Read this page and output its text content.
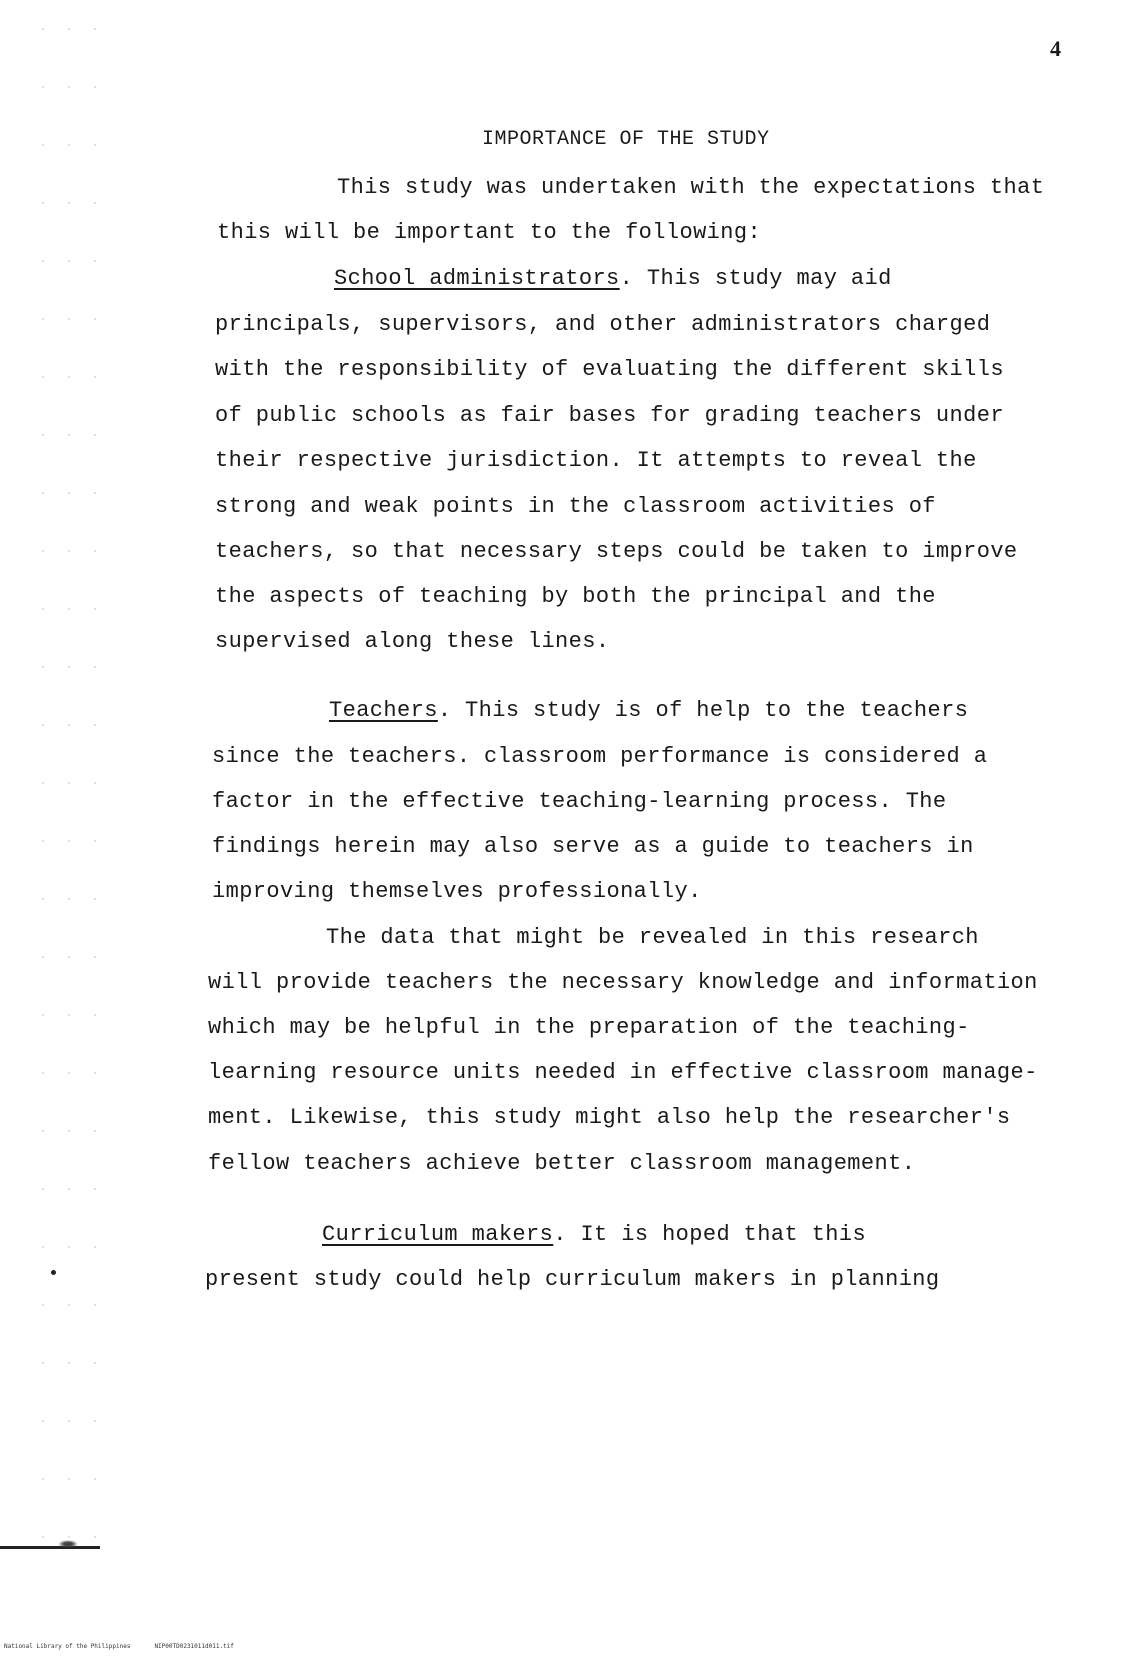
4
IMPORTANCE OF THE STUDY
This study was undertaken with the expectations that
this will be important to the following:
School administrators. This study may aid
principals, supervisors, and other administrators charged
with the responsibility of evaluating the different skills
of public schools as fair bases for grading teachers under
their respective jurisdiction. It attempts to reveal the
strong and weak points in the classroom activities of
teachers, so that necessary steps could be taken to improve
the aspects of teaching by both the principal and the
supervised along these lines.
Teachers. This study is of help to the teachers
since the teachers. classroom performance is considered a
factor in the effective teaching-learning process. The
findings herein may also serve as a guide to teachers in
improving themselves professionally.
The data that might be revealed in this research
will provide teachers the necessary knowledge and information
which may be helpful in the preparation of the teaching-
learning resource units needed in effective classroom manage-
ment. Likewise, this study might also help the researcher's
fellow teachers achieve better classroom management.
Curriculum makers. It is hoped that this
present study could help curriculum makers in planning
National Library of the Philippines	NIP00TD0231011d011.tif
